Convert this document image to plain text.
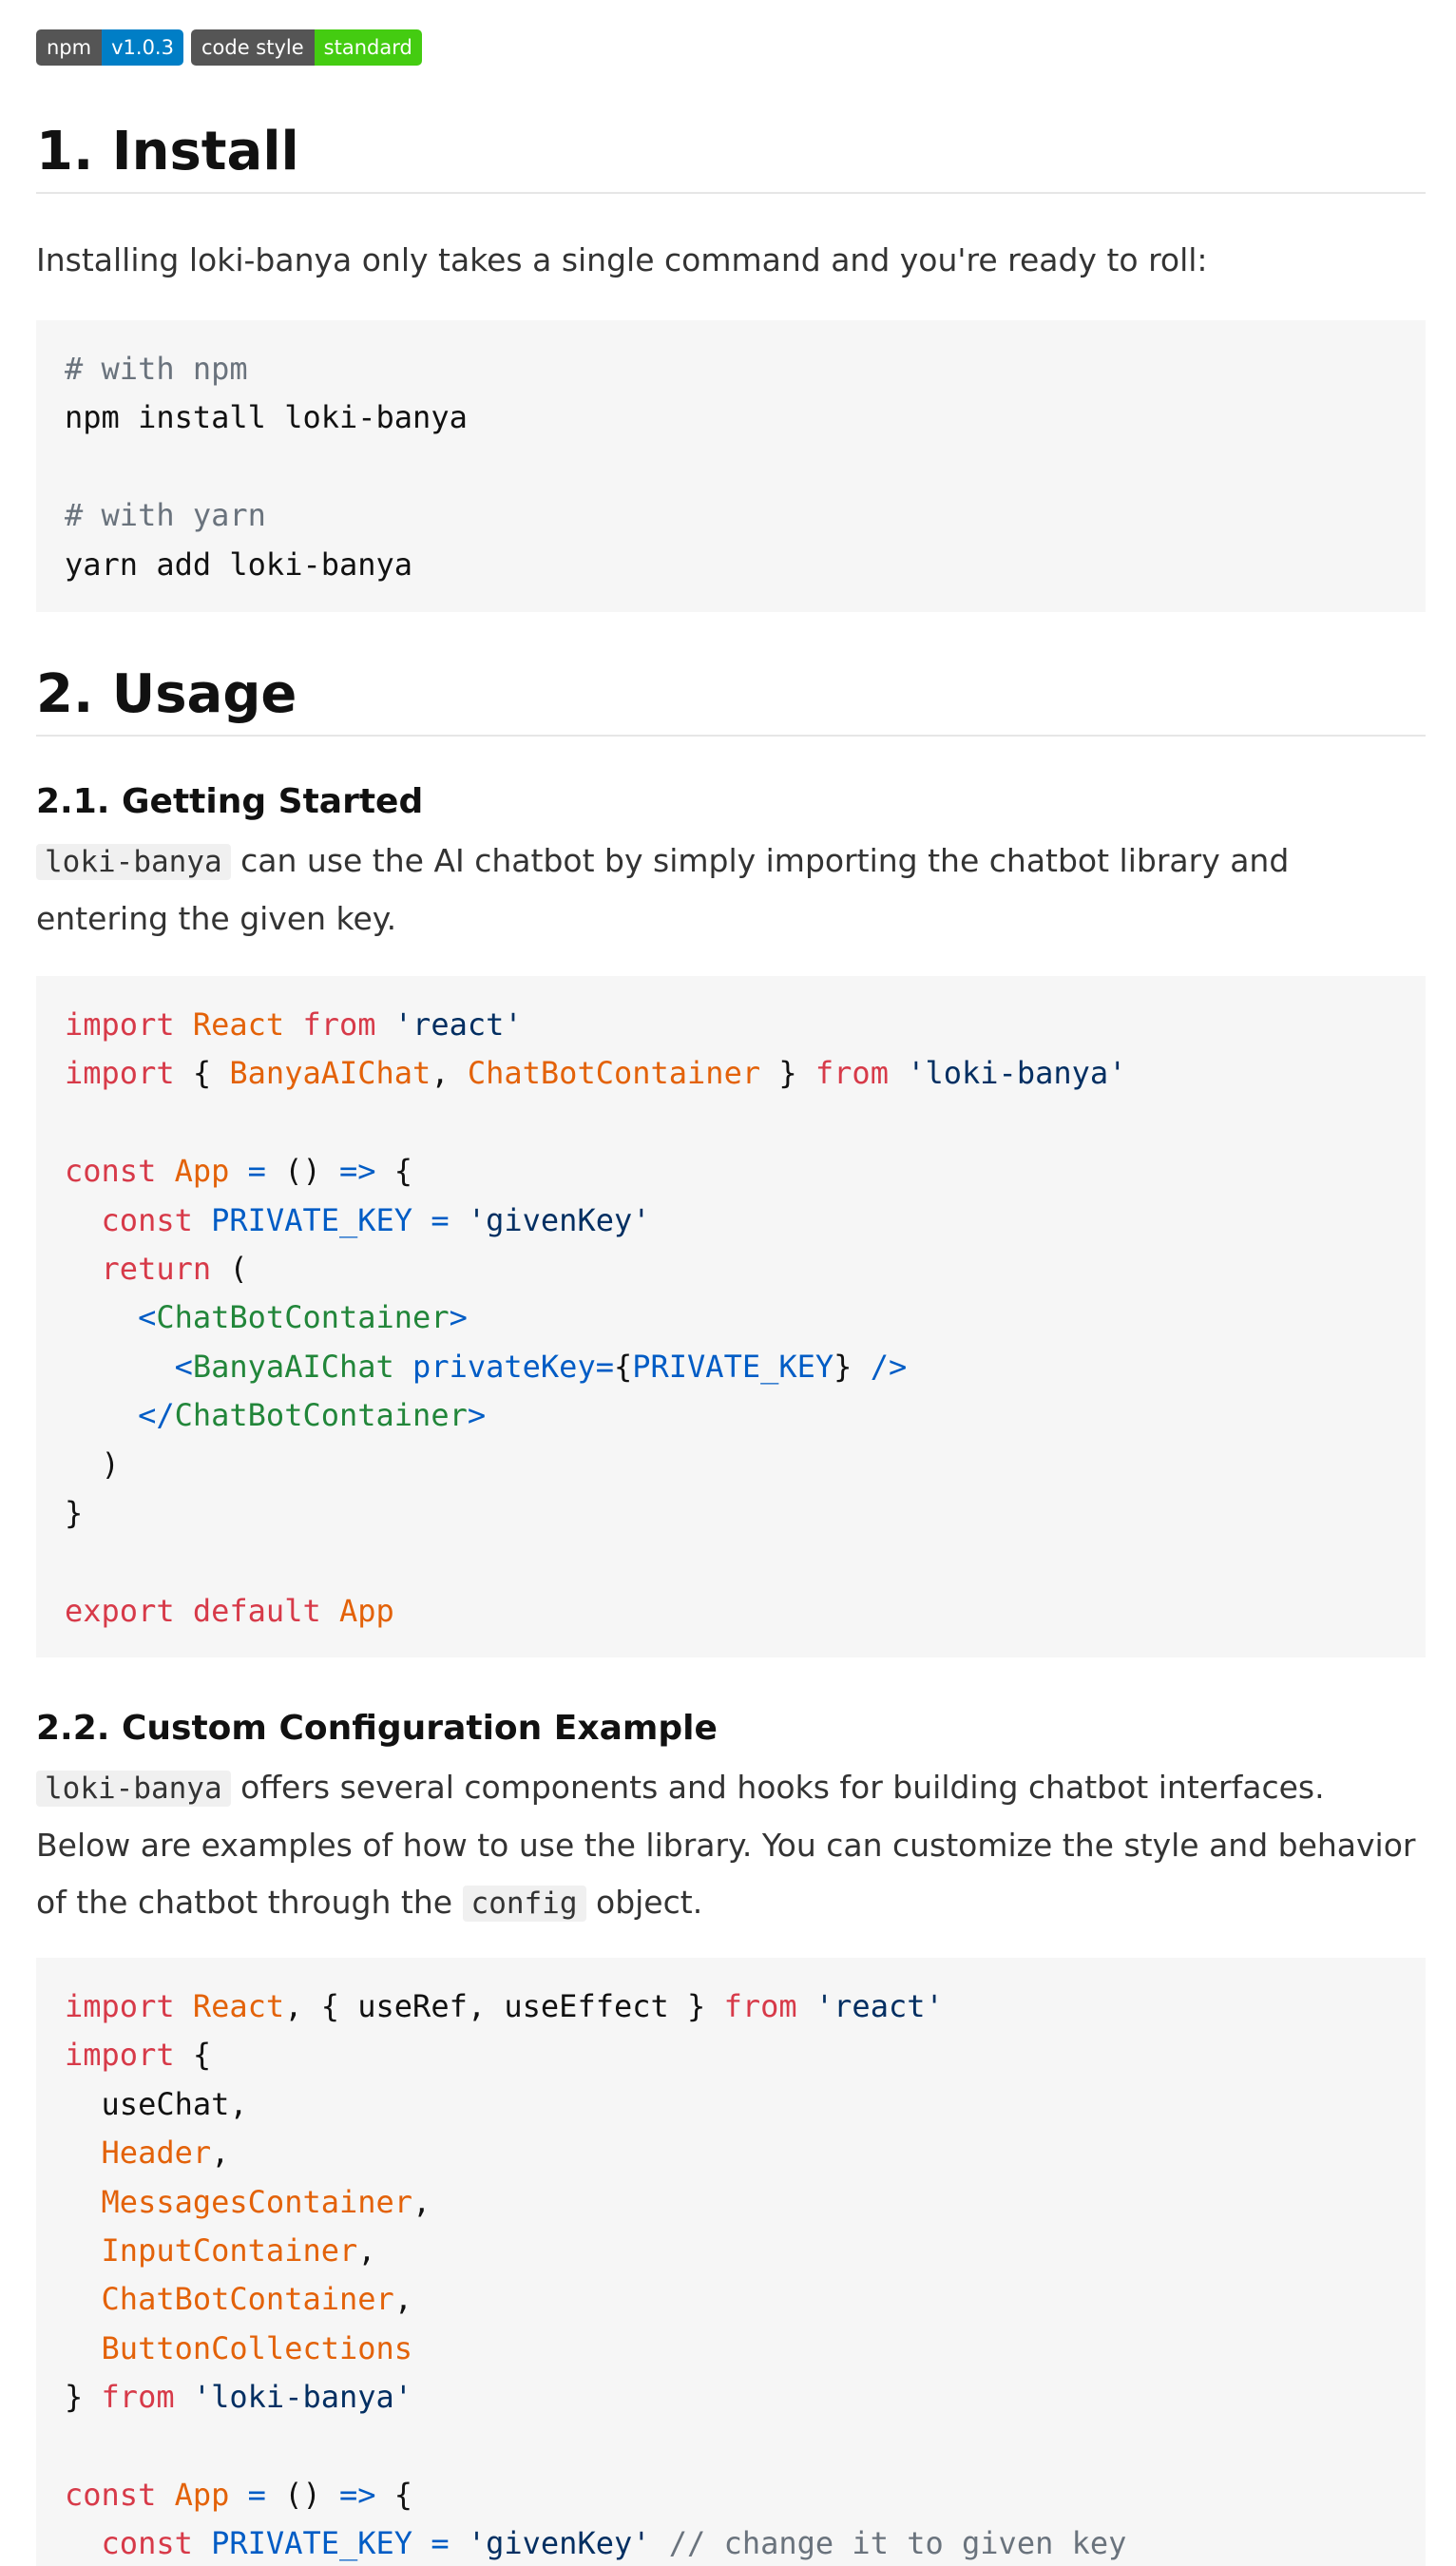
npm	v1.0.3	code style	standard
1. Install

Installing loki-banya only takes a single command and you're ready to roll:

# with npm
npm install loki-banya

# with yarn
yarn add loki-banya
2. Usage
2.1. Getting Started

loki-banya can use the AI chatbot by simply importing the chatbot library and entering the given key.

import React from 'react'
import { BanyaAIChat, ChatBotContainer } from 'loki-banya'

const App = () => {
const PRIVATE_KEY = 'givenKey'
return (
<ChatBotContainer>
<BanyaAIChat privateKey={PRIVATE_KEY} />
</ChatBotContainer>
)
}

export default App
2.2. Custom Configuration Example

loki-banya offers several components and hooks for building chatbot interfaces. Below are examples of how to use the library. You can customize the style and behavior of the chatbot through the config object.

import React, { useRef, useEffect } from 'react'
import {
useChat,
Header,
MessagesContainer,
InputContainer,
ChatBotContainer,
ButtonCollections
} from 'loki-banya'

const App = () => {
const PRIVATE_KEY = 'givenKey' // change it to given key
